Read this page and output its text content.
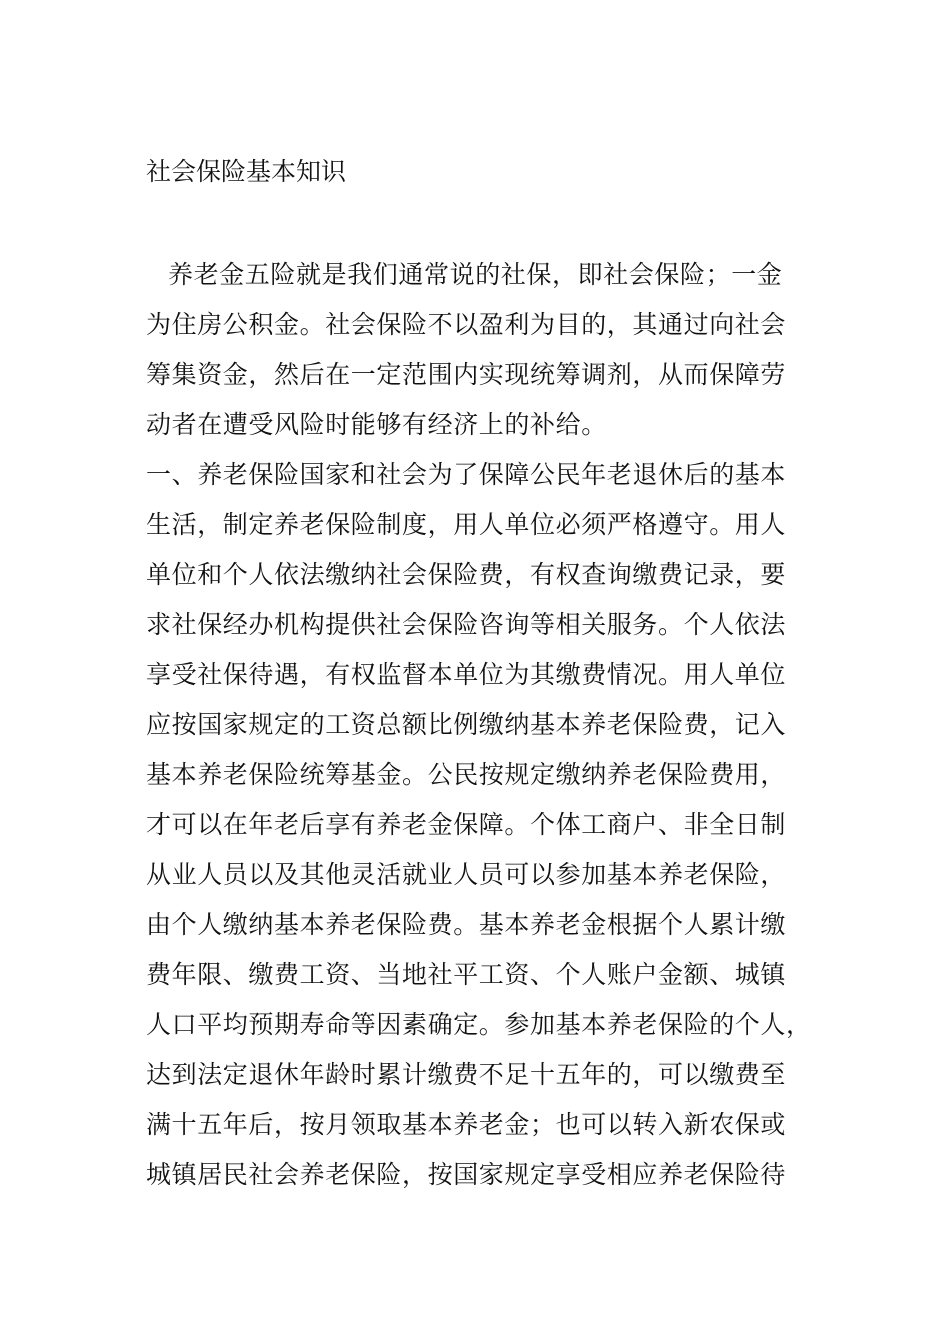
社会保险基本知识
养老金五险就是我们通常说的社保，即社会保险；一金
为住房公积金。社会保险不以盈利为目的，其通过向社会
筹集资金，然后在一定范围内实现统筹调剂，从而保障劳
动者在遭受风险时能够有经济上的补给。
一、养老保险国家和社会为了保障公民年老退休后的基本
生活，制定养老保险制度，用人单位必须严格遵守。用人
单位和个人依法缴纳社会保险费，有权查询缴费记录，要
求社保经办机构提供社会保险咨询等相关服务。个人依法
享受社保待遇，有权监督本单位为其缴费情况。用人单位
应按国家规定的工资总额比例缴纳基本养老保险费，记入
基本养老保险统筹基金。公民按规定缴纳养老保险费用，
才可以在年老后享有养老金保障。个体工商户、非全日制
从业人员以及其他灵活就业人员可以参加基本养老保险，
由个人缴纳基本养老保险费。基本养老金根据个人累计缴
费年限、缴费工资、当地社平工资、个人账户金额、城镇
人口平均预期寿命等因素确定。参加基本养老保险的个人，
达到法定退休年龄时累计缴费不足十五年的，可以缴费至
满十五年后，按月领取基本养老金；也可以转入新农保或
城镇居民社会养老保险，按国家规定享受相应养老保险待
